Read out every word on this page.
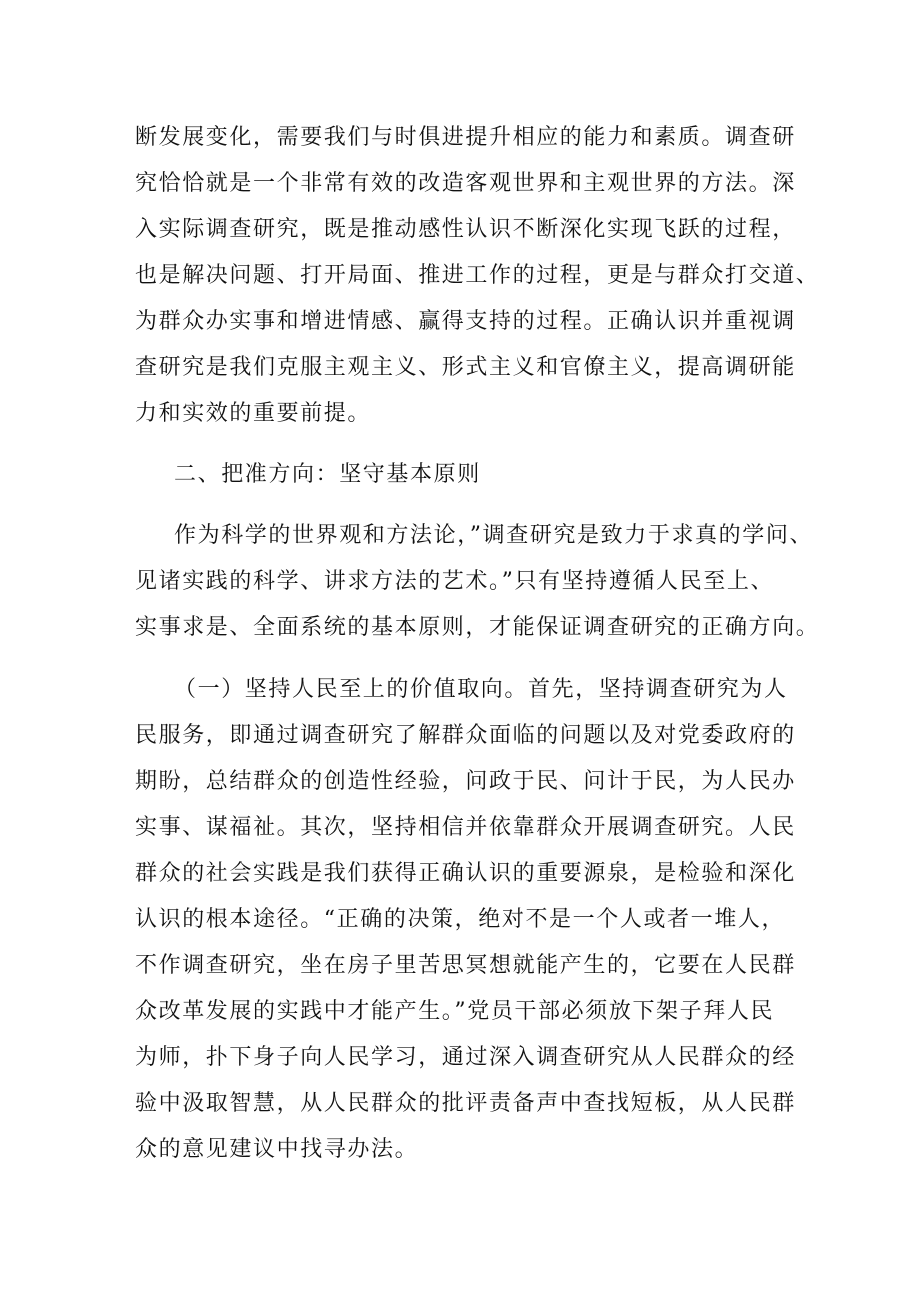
断发展变化，需要我们与时俱进提升相应的能力和素质。调查研
究恰恰就是一个非常有效的改造客观世界和主观世界的方法。深
入实际调查研究，既是推动感性认识不断深化实现飞跃的过程，
也是解决问题、打开局面、推进工作的过程，更是与群众打交道、
为群众办实事和增进情感、赢得支持的过程。正确认识并重视调
查研究是我们克服主观主义、形式主义和官僚主义，提高调研能
力和实效的重要前提。
二、把准方向：坚守基本原则
作为科学的世界观和方法论，”调查研究是致力于求真的学问、
见诸实践的科学、讲求方法的艺术。”只有坚持遵循人民至上、
实事求是、全面系统的基本原则，才能保证调查研究的正确方向。
（一）坚持人民至上的价值取向。首先，坚持调查研究为人
民服务，即通过调查研究了解群众面临的问题以及对党委政府的
期盼，总结群众的创造性经验，问政于民、问计于民，为人民办
实事、谋福祉。其次，坚持相信并依靠群众开展调查研究。人民
群众的社会实践是我们获得正确认识的重要源泉，是检验和深化
认识的根本途径。“正确的决策，绝对不是一个人或者一堆人，
不作调查研究，坐在房子里苦思冥想就能产生的，它要在人民群
众改革发展的实践中才能产生。”党员干部必须放下架子拜人民
为师，扑下身子向人民学习，通过深入调查研究从人民群众的经
验中汲取智慧，从人民群众的批评责备声中查找短板，从人民群
众的意见建议中找寻办法。
